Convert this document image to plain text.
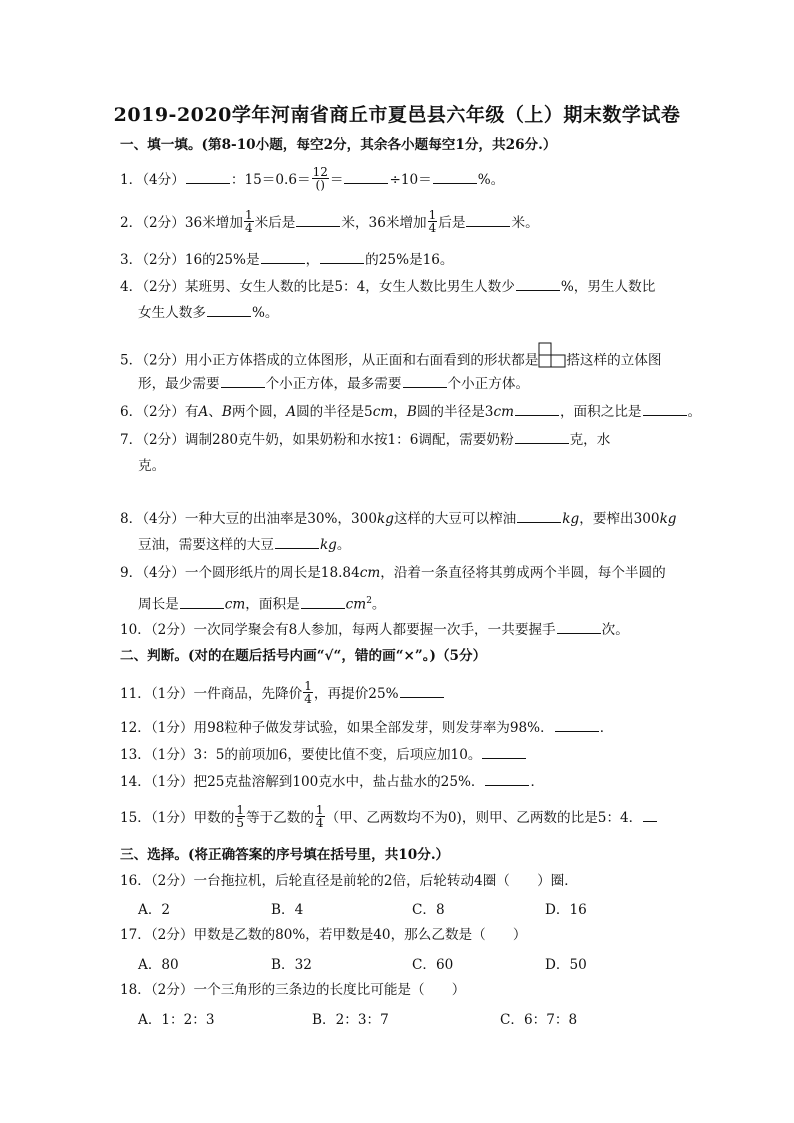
2019-2020学年河南省商丘市夏邑县六年级（上）期末数学试卷
一、填一填。(第8-10小题，每空2分，其余各小题每空1分，共26分.）
1．（4分）	：$15=0.6= \frac{12}{()}$ ＝	÷10＝	%。
2．（2分）36米增加 $\frac{1}{4}$ 米后是	米，36米增加 $\frac{1}{4}$ 后是	米。
3．（2分）16的25%是	，	的25%是16。
4．（2分）某班男、女生人数的比是5：4，女生人数比男生人数少	%，男生人数比
女生人数多	%。
5．（2分）用小正方体搭成的立体图形，从正面和右面看到的形状都是 搭这样的立体图
形，最少需要	个小正方体，最多需要	个小正方体。
6．（2分）有A、B两个圆，A圆的半径是5cm，B圆的半径是3cm	，面积之比是	。
7．（2分）调制280克牛奶，如果奶粉和水按1：6调配，需要奶粉	克，水
克。
8．（4分）一种大豆的出油率是30%，300kg这样的大豆可以榨油	kg，要榨出300kg
豆油，需要这样的大豆	kg。
9．（4分）一个圆形纸片的周长是18.84cm，沿着一条直径将其剪成两个半圆，每个半圆的
周长是	cm，面积是	$cm^2$。
10．（2分）一次同学聚会有8人参加，每两人都要握一次手，一共要握手	次。
二、判断。(对的在题后括号内画“√“，错的画“×”。)（5分）
11．（1分）一件商品，先降价 $\frac{1}{4}$ ，再提价25%
12．（1分）用98粒种子做发芽试验，如果全部发芽，则发芽率为98%．	．
13．（1分）3：5的前项加6，要使比值不变，后项应加10。
14．（1分）把25克盐溶解到100克水中，盐占盐水的25%．	．
15．（1分）甲数的 $\frac{1}{5}$ 等于乙数的 $\frac{1}{4}$ （甲、乙两数均不为0)，则甲、乙两数的比是5：4．
三、选择。(将正确答案的序号填在括号里，共10分.）
16．（2分）一台拖拉机，后轮直径是前轮的2倍，后轮转动4圈（　　）圈．
A．2	B．4	C．8	D．16
17．（2分）甲数是乙数的80%，若甲数是40，那么乙数是（　　）
A．80	B．32	C．60	D．50
18．（2分）一个三角形的三条边的长度比可能是（　　）
A．1：2：3	B．2：3：7	C．6：7：8
